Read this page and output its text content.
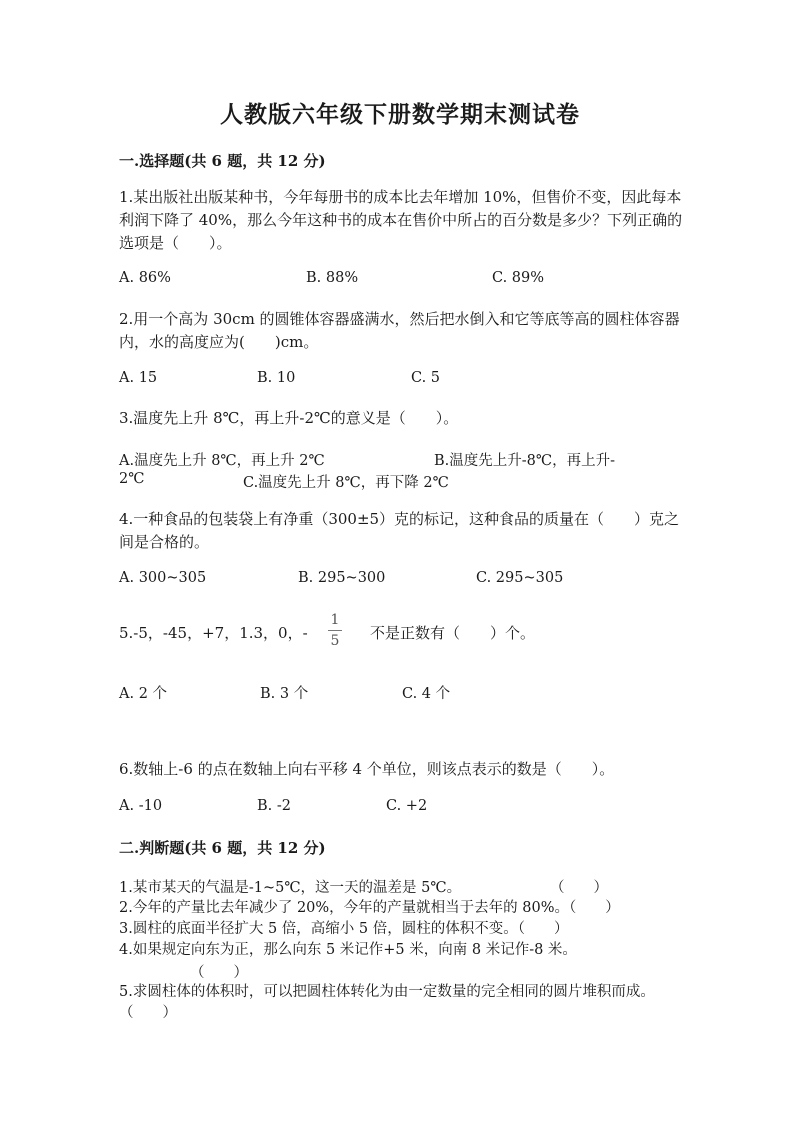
人教版六年级下册数学期末测试卷
一.选择题(共 6 题，共 12 分)
1.某出版社出版某种书，今年每册书的成本比去年增加 10%，但售价不变，因此每本利润下降了 40%，那么今年这种书的成本在售价中所占的百分数是多少？下列正确的选项是（　　）。
A. 86%	B. 88%	C. 89%
2.用一个高为 30cm 的圆锥体容器盛满水，然后把水倒入和它等底等高的圆柱体容器内，水的高度应为(　　)cm。
A. 15	B. 10	C. 5
3.温度先上升 8℃，再上升-2℃的意义是（　　）。
A.温度先上升 8℃，再上升 2℃	B.温度先上升-8℃，再上升-
2℃	C.温度先上升 8℃，再下降 2℃
4.一种食品的包装袋上有净重（300±5）克的标记，这种食品的质量在（　　）克之间是合格的。
A. 300~305	B. 295~300	C. 295~305
5.-5，-45，+7，1.3，0，-
1
5 不是正数有（　　）个。
A. 2 个	B. 3 个	C. 4 个
6.数轴上-6 的点在数轴上向右平移 4 个单位，则该点表示的数是（　　）。
A. -10	B. -2	C. +2
二.判断题(共 6 题，共 12 分)
1.某市某天的气温是-1~5℃，这一天的温差是 5℃。	（　　）
2.今年的产量比去年减少了 20%，今年的产量就相当于去年的 80%。（　　）
3.圆柱的底面半径扩大 5 倍，高缩小 5 倍，圆柱的体积不变。（　　）
4.如果规定向东为正，那么向东 5 米记作+5 米，向南 8 米记作-8 米。
（　　）
5.求圆柱体的体积时，可以把圆柱体转化为由一定数量的完全相同的圆片堆积而成。（　　）
